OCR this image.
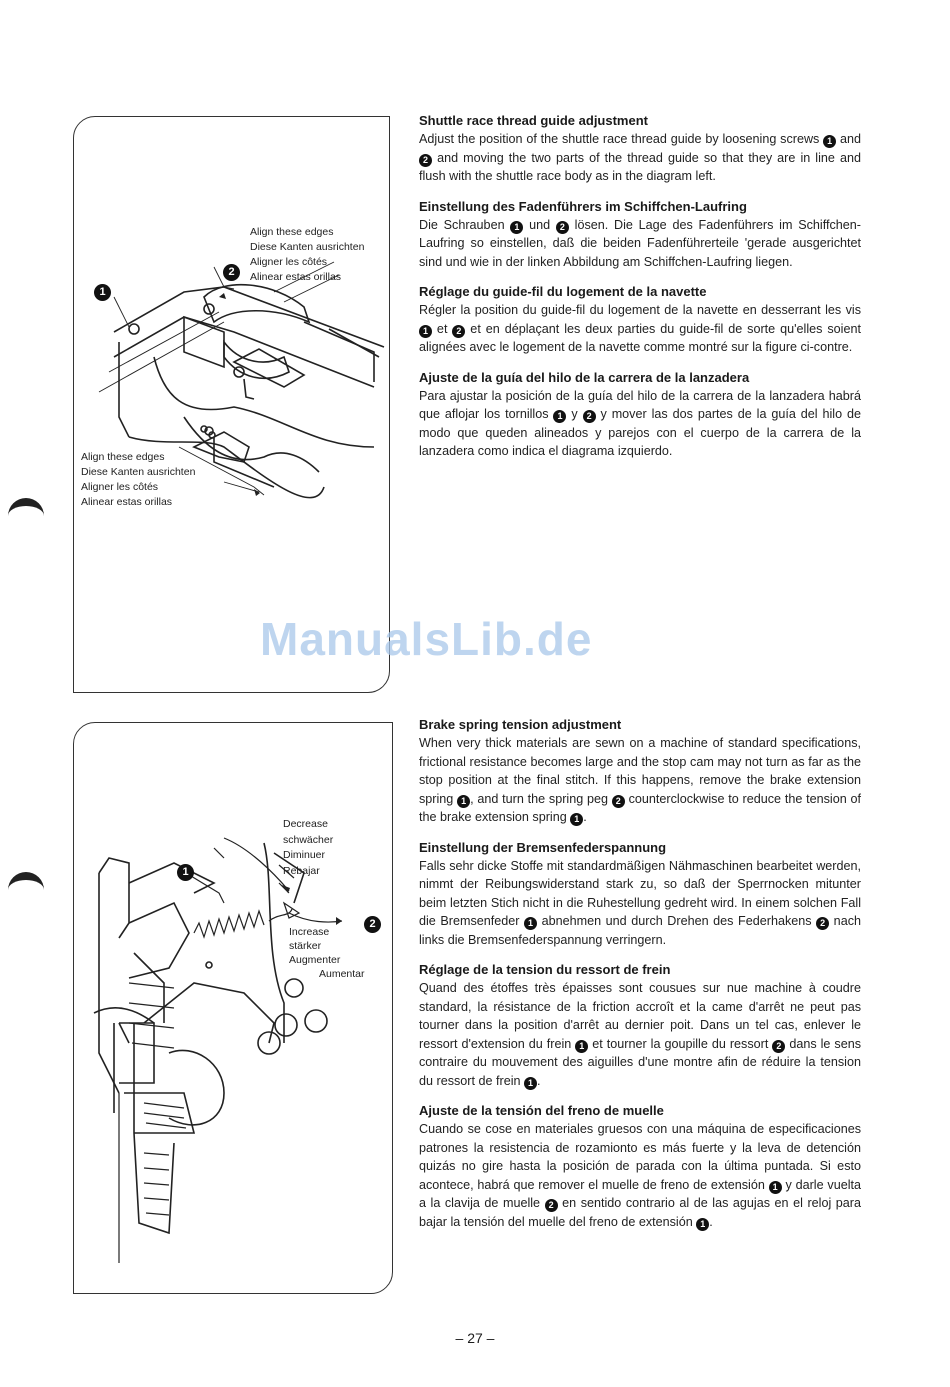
1
2
Align these edges
Diese Kanten ausrichten
Aligner les côtés
Alinear estas orillas
Align these edges
Diese Kanten ausrichten
Aligner les côtés
Alinear estas orillas
1
2
Decrease
schwächer
Diminuer
Rebajar
Increase
stärker
Augmenter
Aumentar
Shuttle race thread guide adjustment

Adjust the position of the shuttle race thread guide by loosening screws 1 and 2 and moving the two parts of the thread guide so that they are in line and flush with the shuttle race body as in the diagram left.

Einstellung des Fadenführers im Schiffchen-Laufring

Die Schrauben 1 und 2 lösen. Die Lage des Fadenführers im Schiffchen-Laufring so einstellen, daß die beiden Fadenführerteile 'gerade ausgerichtet sind und wie in der linken Abbildung am Schiffchen-Laufring liegen.

Réglage du guide-fil du logement de la navette

Régler la position du guide-fil du logement de la navette en desserrant les vis 1 et 2 et en déplaçant les deux parties du guide-fil de sorte qu'elles soient alignées avec le logement de la navette comme montré sur la figure ci-contre.

Ajuste de la guía del hilo de la carrera de la lanzadera

Para ajustar la posición de la guía del hilo de la carrera de la lanzadera habrá que aflojar los tornillos 1 y 2 y mover las dos partes de la guía del hilo de modo que queden alineados y parejos con el cuerpo de la carrera de la lanzadera como indica el diagrama izquierdo.

Brake spring tension adjustment

When very thick materials are sewn on a machine of standard specifications, frictional resistance becomes large and the stop cam may not turn as far as the stop position at the final stitch. If this happens, remove the brake extension spring 1 , and turn the spring peg 2 counterclockwise to reduce the tension of the brake extension spring 1 .

Einstellung der Bremsenfederspannung

Falls sehr dicke Stoffe mit standardmäßigen Nähmaschinen bearbeitet werden, nimmt der Reibungswiderstand stark zu, so daß der Sperrnocken mitunter beim letzten Stich nicht in die Ruhestellung gedreht wird. In einem solchen Fall die Bremsenfeder 1 abnehmen und durch Drehen des Federhakens 2 nach links die Bremsenfederspannung verringern.

Réglage de la tension du ressort de frein

Quand des étoffes très épaisses sont cousues sur nue machine à coudre standard, la résistance de la friction accroît et la came d'arrêt ne peut pas tourner dans la position d'arrêt au dernier poit. Dans un tel cas, enlever le ressort d'extension du frein 1 et tourner la goupille du ressort 2 dans le sens contraire du mouvement des aiguilles d'une montre afin de réduire la tension du ressort de frein 1 .

Ajuste de la tensión del freno de muelle

Cuando se cose en materiales gruesos con una máquina de especificaciones patrones la resistencia de rozamionto es más fuerte y la leva de detención quizás no gire hasta la posición de parada con la última puntada. Si esto acontece, habrá que remover el muelle de freno de extensión 1 y darle vuelta a la clavija de muelle 2 en sentido contrario al de las agujas en el reloj para bajar la tensión del muelle del freno de extensión 1 .

ManualsLib.de
– 27 –
